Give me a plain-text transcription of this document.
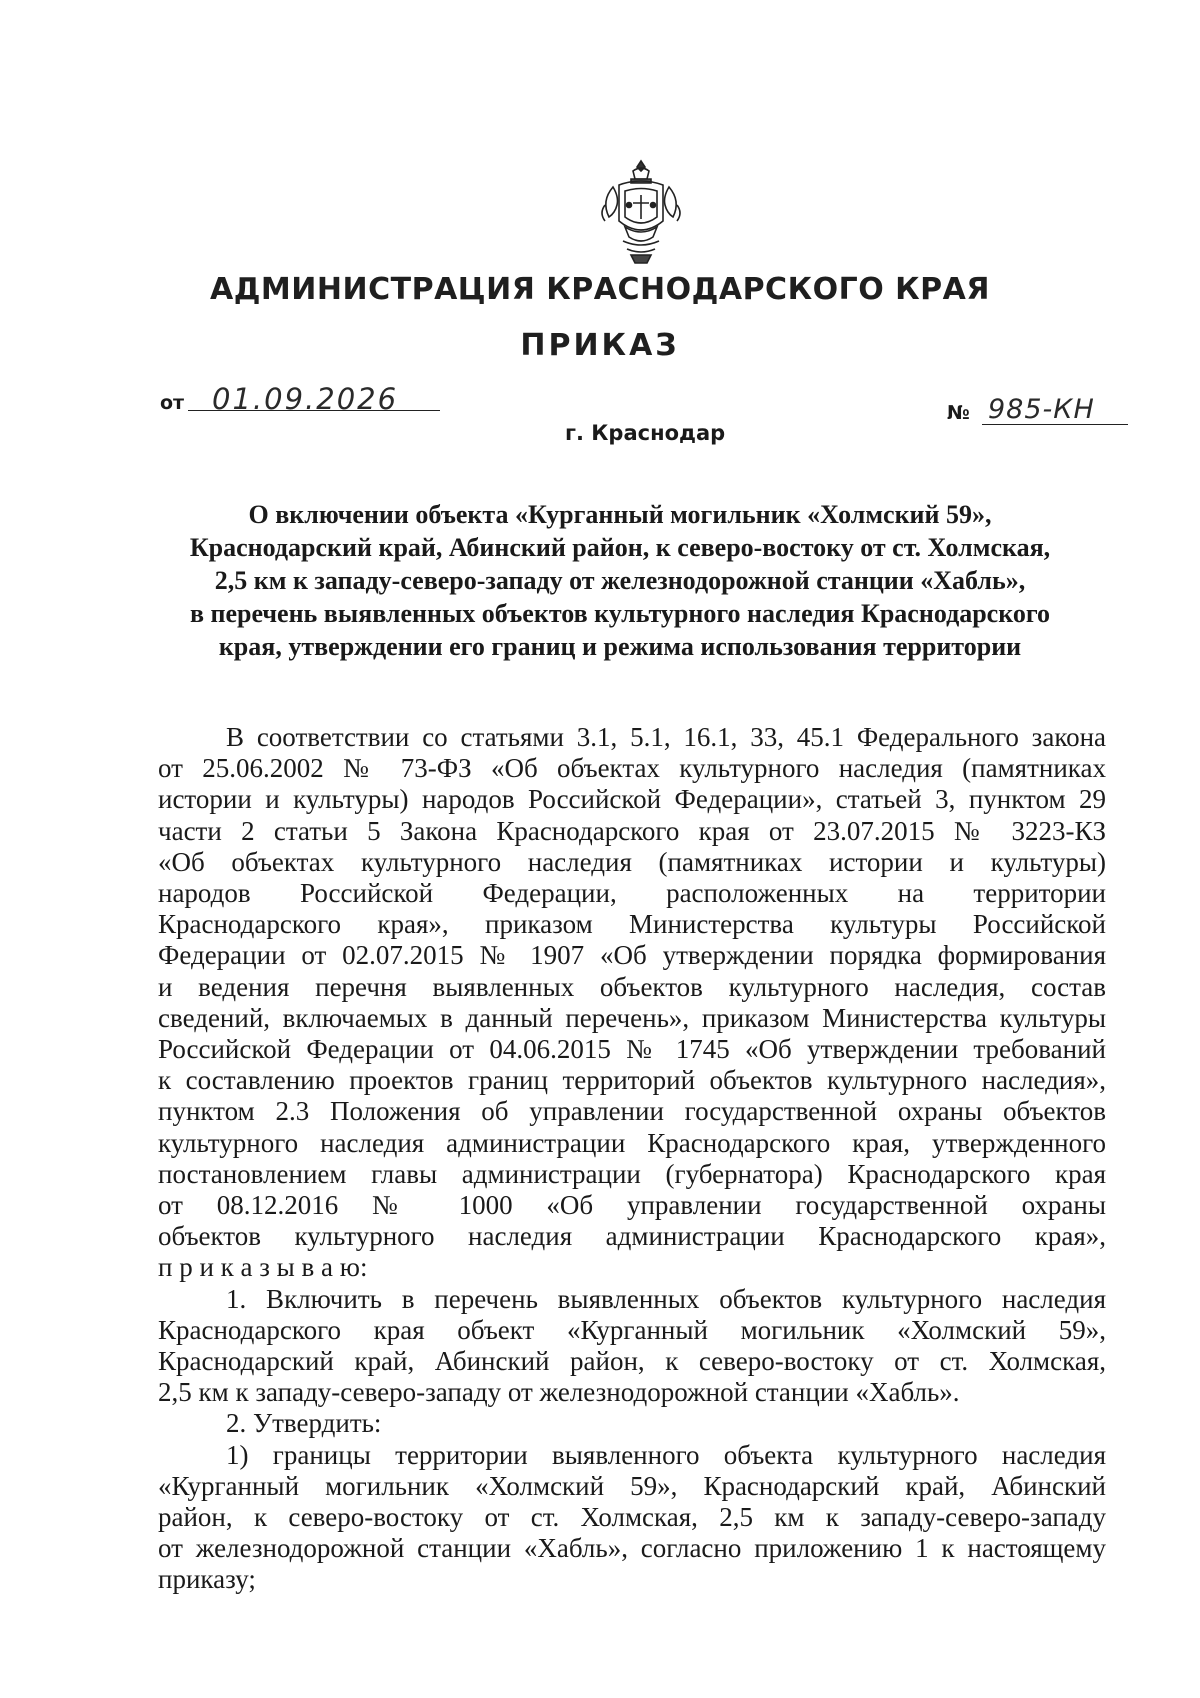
АДМИНИСТРАЦИЯ КРАСНОДАРСКОГО КРАЯ
ПРИКАЗ
от 01.09.2026	№ 985-КН
г. Краснодар
О включении объекта «Курганный могильник «Холмский 59»,
Краснодарский край, Абинский район, к северо-востоку от ст. Холмская,
2,5 км к западу-северо-западу от железнодорожной станции «Хабль»,
в перечень выявленных объектов культурного наследия Краснодарского
края, утверждении его границ и режима использования территории
В соответствии со статьями 3.1, 5.1, 16.1, 33, 45.1 Федерального закона
от 25.06.2002 № 73-ФЗ «Об объектах культурного наследия (памятниках
истории и культуры) народов Российской Федерации», статьей 3, пунктом 29
части 2 статьи 5 Закона Краснодарского края от 23.07.2015 № 3223-КЗ
«Об объектах культурного наследия (памятниках истории и культуры)
народов Российской Федерации, расположенных на территории
Краснодарского края», приказом Министерства культуры Российской
Федерации от 02.07.2015 № 1907 «Об утверждении порядка формирования
и ведения перечня выявленных объектов культурного наследия, состав
сведений, включаемых в данный перечень», приказом Министерства культуры
Российской Федерации от 04.06.2015 № 1745 «Об утверждении требований
к составлению проектов границ территорий объектов культурного наследия»,
пунктом 2.3 Положения об управлении государственной охраны объектов
культурного наследия администрации Краснодарского края, утвержденного
постановлением главы администрации (губернатора) Краснодарского края
от 08.12.2016 № 1000 «Об управлении государственной охраны
объектов культурного наследия администрации Краснодарского края»,
п р и к а з ы в а ю:
1. Включить в перечень выявленных объектов культурного наследия
Краснодарского края объект «Курганный могильник «Холмский 59»,
Краснодарский край, Абинский район, к северо-востоку от ст. Холмская,
2,5 км к западу-северо-западу от железнодорожной станции «Хабль».
2. Утвердить:
1) границы территории выявленного объекта культурного наследия
«Курганный могильник «Холмский 59», Краснодарский край, Абинский
район, к северо-востоку от ст. Холмская, 2,5 км к западу-северо-западу
от железнодорожной станции «Хабль», согласно приложению 1 к настоящему
приказу;
